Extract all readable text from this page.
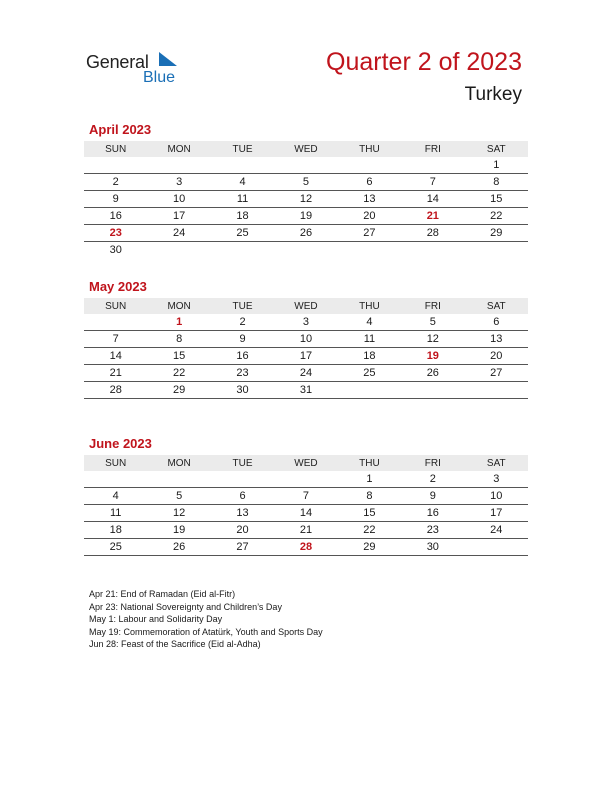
General
Blue
Quarter 2 of 2023
Turkey
April 2023
SUN	MON	TUE	WED	THU	FRI	SAT
						1
2	3	4	5	6	7	8
9	10	11	12	13	14	15
16	17	18	19	20	21	22
23	24	25	26	27	28	29
30						
May 2023
SUN	MON	TUE	WED	THU	FRI	SAT
	1	2	3	4	5	6
7	8	9	10	11	12	13
14	15	16	17	18	19	20
21	22	23	24	25	26	27
28	29	30	31			

June 2023
SUN	MON	TUE	WED	THU	FRI	SAT
				1	2	3
4	5	6	7	8	9	10
11	12	13	14	15	16	17
18	19	20	21	22	23	24
25	26	27	28	29	30	

Apr 21: End of Ramadan (Eid al-Fitr)
Apr 23: National Sovereignty and Children’s Day
May 1: Labour and Solidarity Day
May 19: Commemoration of Atatürk, Youth and Sports Day
Jun 28: Feast of the Sacrifice (Eid al-Adha)
